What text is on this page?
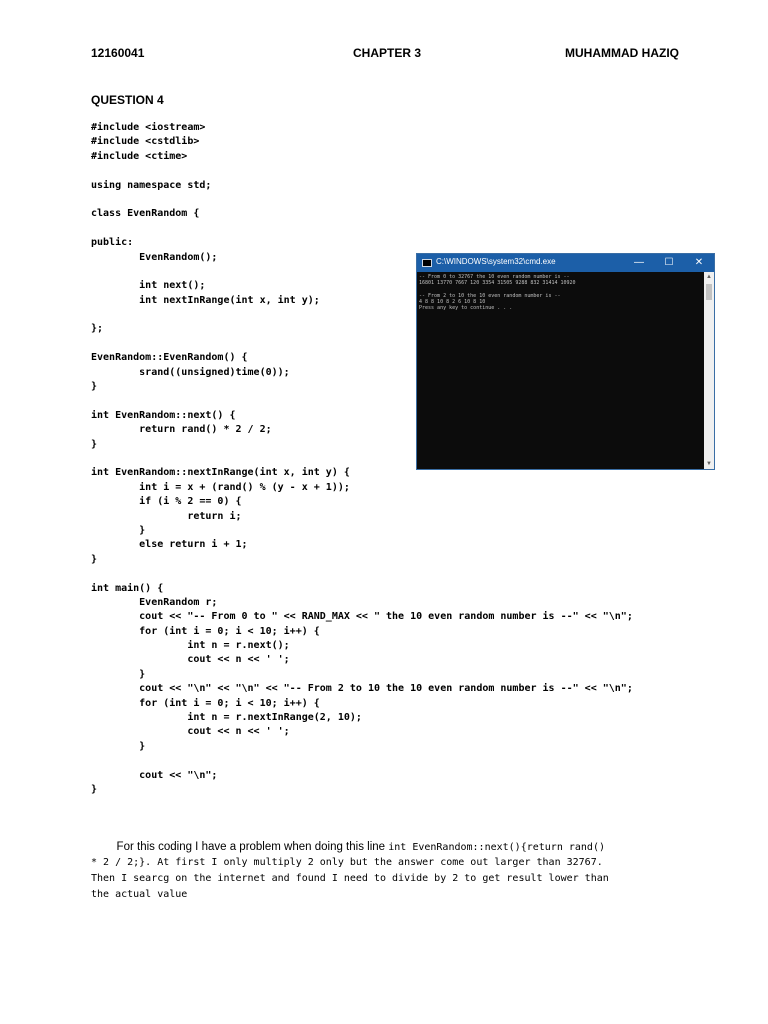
12160041	CHAPTER 3	MUHAMMAD HAZIQ
QUESTION 4
#include <iostream>
#include <cstdlib>
#include <ctime>
using namespace std;
class EvenRandom {
public:
EvenRandom();
int next();
int nextInRange(int x, int y);
};
EvenRandom::EvenRandom() {
srand((unsigned)time(0));
}
int EvenRandom::next() {
return rand() * 2 / 2;
}
int EvenRandom::nextInRange(int x, int y) {
int i = x + (rand() % (y - x + 1));
if (i % 2 == 0) {
return i;
}
else return i + 1;
}
int main() {
EvenRandom r;
cout << "-- From 0 to " << RAND_MAX << " the 10 even random number is --" << "\n";
for (int i = 0; i < 10; i++) {
int n = r.next();
cout << n << ' ';
}
cout << "\n" << "\n" << "-- From 2 to 10 the 10 even random number is --" << "\n";
for (int i = 0; i < 10; i++) {
int n = r.nextInRange(2, 10);
cout << n << ' ';
}
cout << "\n";
}
C:\WINDOWS\system32\cmd.exe	—	☐	✕
-- From 0 to 32767 the 10 even random number is --
16801 13770 7667 120 3354 31505 9288 832 31414 10920
-- From 2 to 10 the 10 even random number is --
4 8 8 10 8 2 6 10 8 10
Press any key to continue . . .
▲
▼
For this coding I have a problem when doing this line int EvenRandom::next(){return rand()
* 2 / 2;}. At first I only multiply 2 only but the answer come out larger than 32767.
Then I searcg on the internet and found I need to divide by 2 to get result lower than
the actual value
